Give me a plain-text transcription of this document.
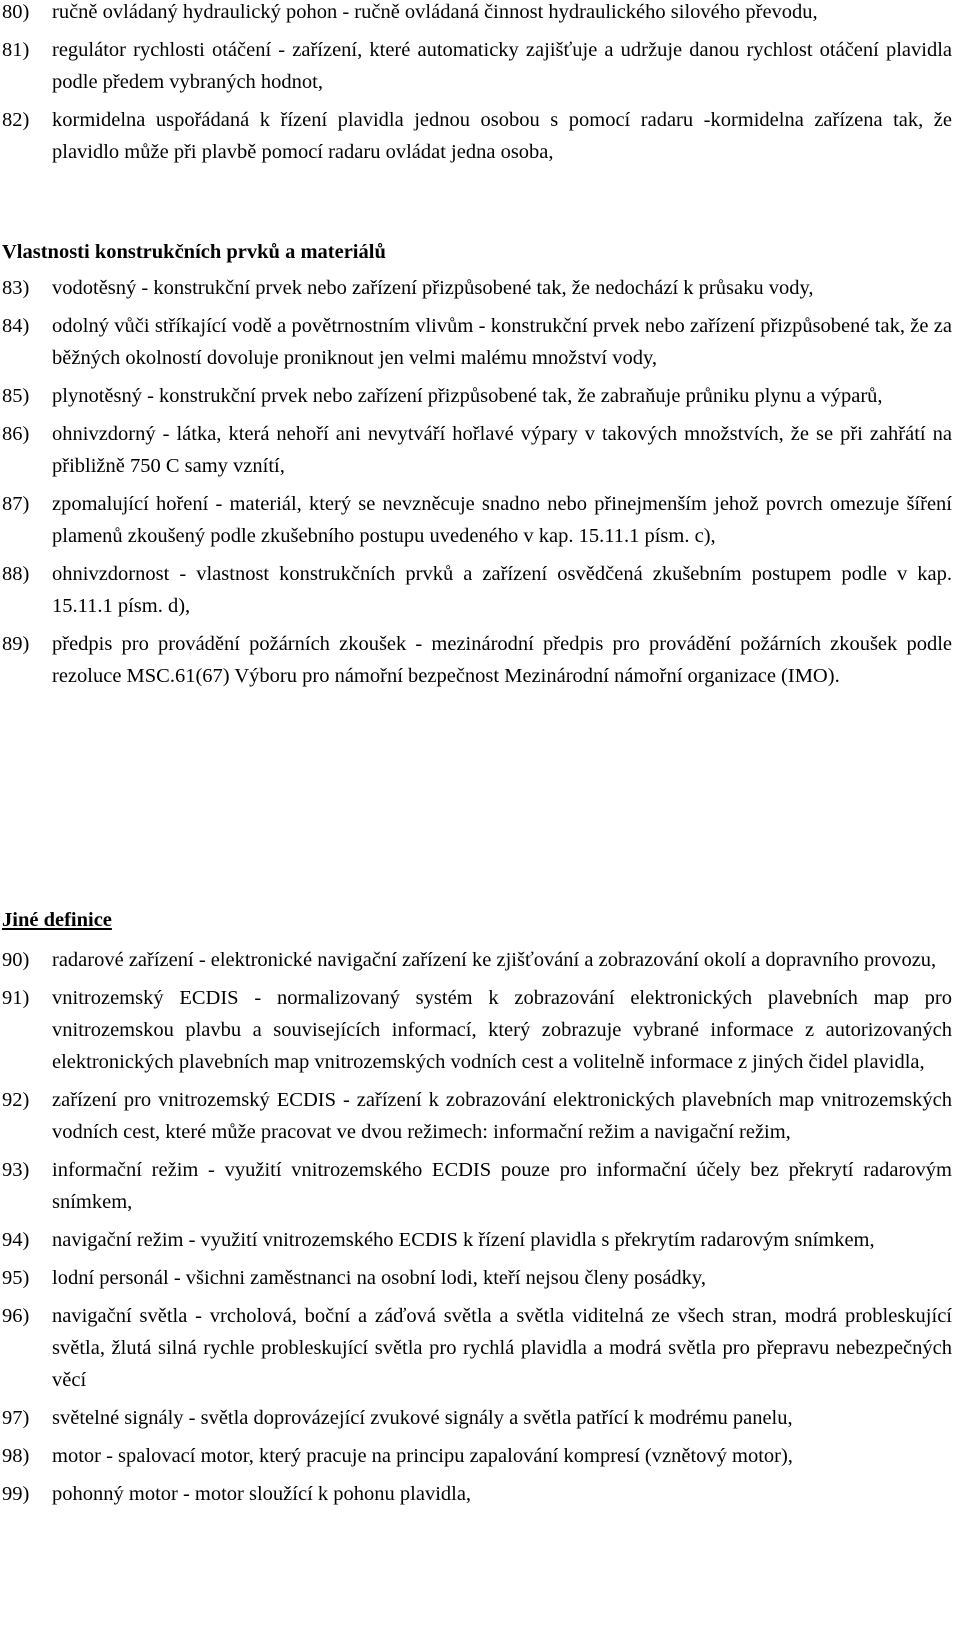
80)	ručně ovládaný hydraulický pohon - ručně ovládaná činnost hydraulického silového převodu,
81)	regulátor rychlosti otáčení - zařízení, které automaticky zajišťuje a udržuje danou rychlost otáčení plavidla podle předem vybraných hodnot,
82)	kormidelna uspořádaná k řízení plavidla jednou osobou s pomocí radaru -kormidelna zařízena tak, že plavidlo může při plavbě pomocí radaru ovládat jedna osoba,
Vlastnosti konstrukčních prvků a materiálů
83)	vodotěsný - konstrukční prvek nebo zařízení přizpůsobené tak, že nedochází k průsaku vody,
84)	odolný vůči stříkající vodě a povětrnostním vlivům - konstrukční prvek nebo zařízení přizpůsobené tak, že za běžných okolností dovoluje proniknout jen velmi malému množství vody,
85)	plynotěsný - konstrukční prvek nebo zařízení přizpůsobené tak, že zabraňuje průniku plynu a výparů,
86)	ohnivzdorný - látka, která nehoří ani nevytváří hořlavé výpary v takových množstvích, že se při zahřátí na přibližně 750 C samy vznítí,
87)	zpomalující hoření - materiál, který se nevzněcuje snadno nebo přinejmenším jehož povrch omezuje šíření plamenů zkoušený podle zkušebního postupu uvedeného v kap. 15.11.1 písm. c),
88)	ohnivzdornost - vlastnost konstrukčních prvků a zařízení osvědčená zkušebním postupem podle v kap. 15.11.1 písm. d),
89)	předpis pro provádění požárních zkoušek - mezinárodní předpis pro provádění požárních zkoušek podle rezoluce MSC.61(67) Výboru pro námořní bezpečnost Mezinárodní námořní organizace (IMO).
Jiné definice
90)	radarové zařízení - elektronické navigační zařízení ke zjišťování a zobrazování okolí a dopravního provozu,
91)	vnitrozemský ECDIS - normalizovaný systém k zobrazování elektronických plavebních map pro vnitrozemskou plavbu a souvisejících informací, který zobrazuje vybrané informace z autorizovaných elektronických plavebních map vnitrozemských vodních cest a volitelně informace z jiných čidel plavidla,
92)	zařízení pro vnitrozemský ECDIS - zařízení k zobrazování elektronických plavebních map vnitrozemských vodních cest, které může pracovat ve dvou režimech: informační režim a navigační režim,
93)	informační režim - využití vnitrozemského ECDIS pouze pro informační účely bez překrytí radarovým snímkem,
94)	navigační režim - využití vnitrozemského ECDIS k řízení plavidla s překrytím radarovým snímkem,
95)	lodní personál - všichni zaměstnanci na osobní lodi, kteří nejsou členy posádky,
96)	navigační světla - vrcholová, boční a záďová světla a světla viditelná ze všech stran, modrá probleskující světla, žlutá silná rychle probleskující světla pro rychlá plavidla a modrá světla pro přepravu nebezpečných věcí
97)	světelné signály - světla doprovázející zvukové signály a světla patřící k modrému panelu,
98)	motor - spalovací motor, který pracuje na principu zapalování kompresí (vznětový motor),
99)	pohonný motor - motor sloužící k pohonu plavidla,
